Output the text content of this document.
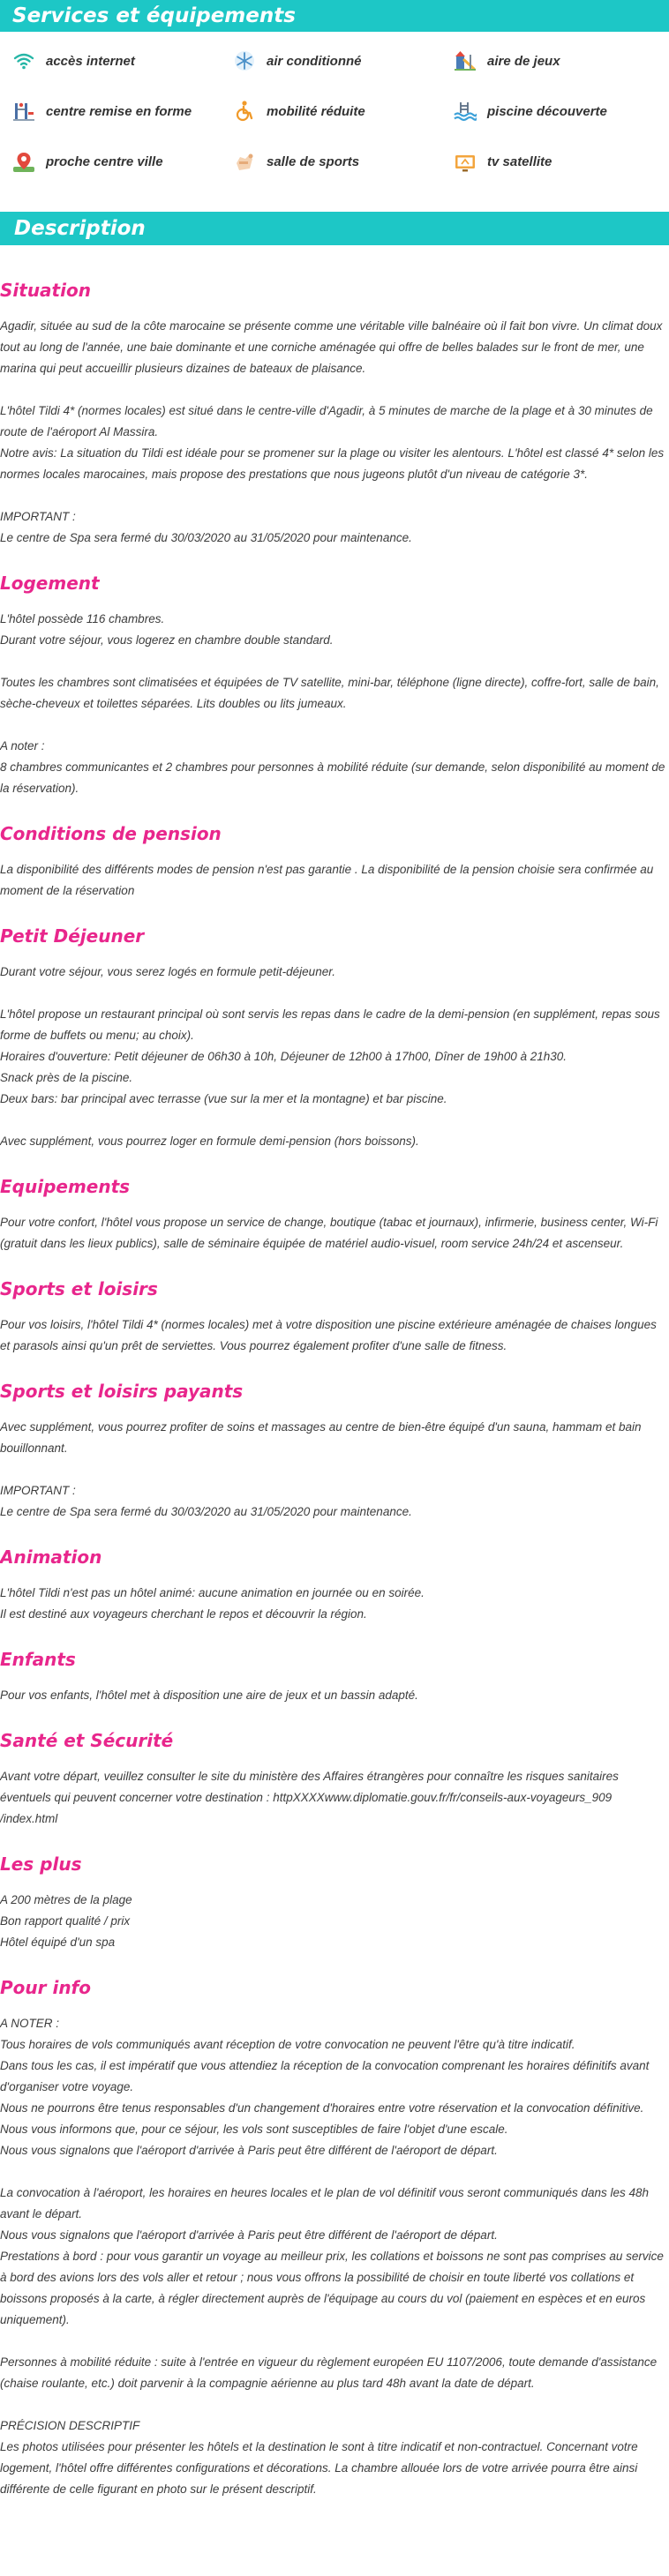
Services et équipements
accès internet	air conditionné	aire de jeux
centre remise en forme	mobilité réduite	piscine découverte
proche centre ville	salle de sports	tv satellite
Description
Situation

Agadir, située au sud de la côte marocaine se présente comme une véritable ville balnéaire où il fait bon vivre. Un climat doux tout au long de l'année, une baie dominante et une corniche aménagée qui offre de belles balades sur le front de mer, une marina qui peut accueillir plusieurs dizaines de bateaux de plaisance.

L'hôtel Tildi 4* (normes locales) est situé dans le centre-ville d'Agadir, à 5 minutes de marche de la plage et à 30 minutes de route de l'aéroport Al Massira.

Notre avis: La situation du Tildi est idéale pour se promener sur la plage ou visiter les alentours. L'hôtel est classé 4* selon les normes locales marocaines, mais propose des prestations que nous jugeons plutôt d'un niveau de catégorie 3*.

IMPORTANT :

Le centre de Spa sera fermé du 30/03/2020 au 31/05/2020 pour maintenance.

Logement

L'hôtel possède 116 chambres.

Durant votre séjour, vous logerez en chambre double standard.

Toutes les chambres sont climatisées et équipées de TV satellite, mini-bar, téléphone (ligne directe), coffre-fort, salle de bain, sèche-cheveux et toilettes séparées. Lits doubles ou lits jumeaux.

A noter :

8 chambres communicantes et 2 chambres pour personnes à mobilité réduite (sur demande, selon disponibilité au moment de la réservation).

Conditions de pension

La disponibilité des différents modes de pension n'est pas garantie . La disponibilité de la pension choisie sera confirmée au moment de la réservation

Petit Déjeuner

Durant votre séjour, vous serez logés en formule petit-déjeuner.

L'hôtel propose un restaurant principal où sont servis les repas dans le cadre de la demi-pension (en supplément, repas sous forme de buffets ou menu; au choix).

Horaires d'ouverture: Petit déjeuner de 06h30 à 10h, Déjeuner de 12h00 à 17h00, Dîner de 19h00 à 21h30.

Snack près de la piscine.

Deux bars: bar principal avec terrasse (vue sur la mer et la montagne) et bar piscine.

Avec supplément, vous pourrez loger en formule demi-pension (hors boissons).

Equipements

Pour votre confort, l'hôtel vous propose un service de change, boutique (tabac et journaux), infirmerie, business center, Wi-Fi (gratuit dans les lieux publics), salle de séminaire équipée de matériel audio-visuel, room service 24h/24 et ascenseur.

Sports et loisirs

Pour vos loisirs, l'hôtel Tildi 4* (normes locales) met à votre disposition une piscine extérieure aménagée de chaises longues et parasols ainsi qu'un prêt de serviettes. Vous pourrez également profiter d'une salle de fitness.

Sports et loisirs payants

Avec supplément, vous pourrez profiter de soins et massages au centre de bien-être équipé d'un sauna, hammam et bain bouillonnant.

IMPORTANT :

Le centre de Spa sera fermé du 30/03/2020 au 31/05/2020 pour maintenance.

Animation

L'hôtel Tildi n'est pas un hôtel animé: aucune animation en journée ou en soirée.

Il est destiné aux voyageurs cherchant le repos et découvrir la région.

Enfants

Pour vos enfants, l'hôtel met à disposition une aire de jeux et un bassin adapté.

Santé et Sécurité

Avant votre départ, veuillez consulter le site du ministère des Affaires étrangères pour connaître les risques sanitaires éventuels qui peuvent concerner votre destination : httpXXXXwww.diplomatie.gouv.fr/fr/conseils-aux-voyageurs_909 /index.html

Les plus

A 200 mètres de la plage

Bon rapport qualité / prix

Hôtel équipé d'un spa

Pour info

A NOTER :

Tous horaires de vols communiqués avant réception de votre convocation ne peuvent l'être qu'à titre indicatif.

Dans tous les cas, il est impératif que vous attendiez la réception de la convocation comprenant les horaires définitifs avant d'organiser votre voyage.

Nous ne pourrons être tenus responsables d'un changement d'horaires entre votre réservation et la convocation définitive.

Nous vous informons que, pour ce séjour, les vols sont susceptibles de faire l'objet d'une escale.

Nous vous signalons que l'aéroport d'arrivée à Paris peut être différent de l'aéroport de départ.

La convocation à l'aéroport, les horaires en heures locales et le plan de vol définitif vous seront communiqués dans les 48h avant le départ.

Nous vous signalons que l'aéroport d'arrivée à Paris peut être différent de l'aéroport de départ.

Prestations à bord : pour vous garantir un voyage au meilleur prix, les collations et boissons ne sont pas comprises au service à bord des avions lors des vols aller et retour ; nous vous offrons la possibilité de choisir en toute liberté vos collations et boissons proposés à la carte, à régler directement auprès de l'équipage au cours du vol (paiement en espèces et en euros uniquement).

Personnes à mobilité réduite : suite à l'entrée en vigueur du règlement européen EU 1107/2006, toute demande d'assistance (chaise roulante, etc.) doit parvenir à la compagnie aérienne au plus tard 48h avant la date de départ.

PRÉCISION DESCRIPTIF

Les photos utilisées pour présenter les hôtels et la destination le sont à titre indicatif et non-contractuel. Concernant votre logement, l'hôtel offre différentes configurations et décorations. La chambre allouée lors de votre arrivée pourra être ainsi différente de celle figurant en photo sur le présent descriptif.
